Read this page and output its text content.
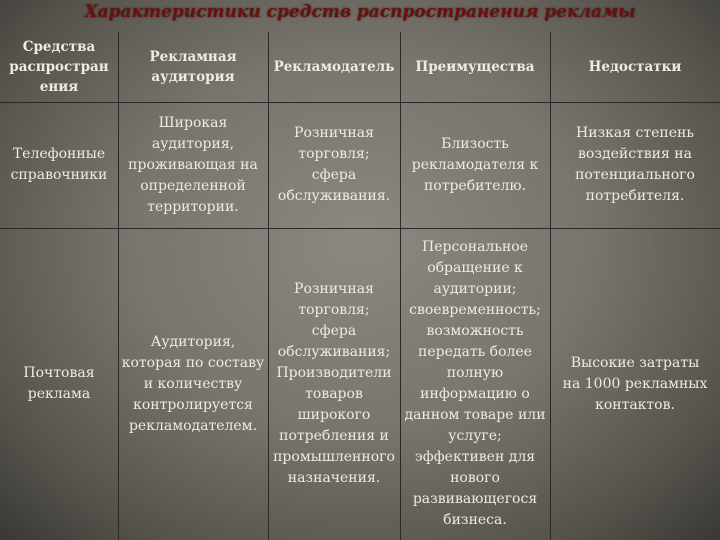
Характеристики средств распространения рекламы
Средства
распростран
ения
Рекламная
аудитория
Рекламодатель Преимущества	Недостатки
Телефонные
справочники
Широкая
аудитория,
проживающая на
определенной
территории.
Розничная
торговля;
сфера
обслуживания.
Близость
рекламодателя к
потребителю.
Низкая степень
воздействия на
потенциального
потребителя.
Почтовая
реклама
Аудитория,
которая по составу
и количеству
контролируется
рекламодателем.
Розничная
торговля;
сфера
обслуживания;
Производители
товаров
широкого
потребления и
промышленного
назначения.
Персональное
обращение к
аудитории;
своевременность;
возможность
передать более
полную
информацию о
данном товаре или
услуге;
эффективен для
нового
развивающегося
бизнеса.
Высокие затраты
на 1000 рекламных
контактов.
